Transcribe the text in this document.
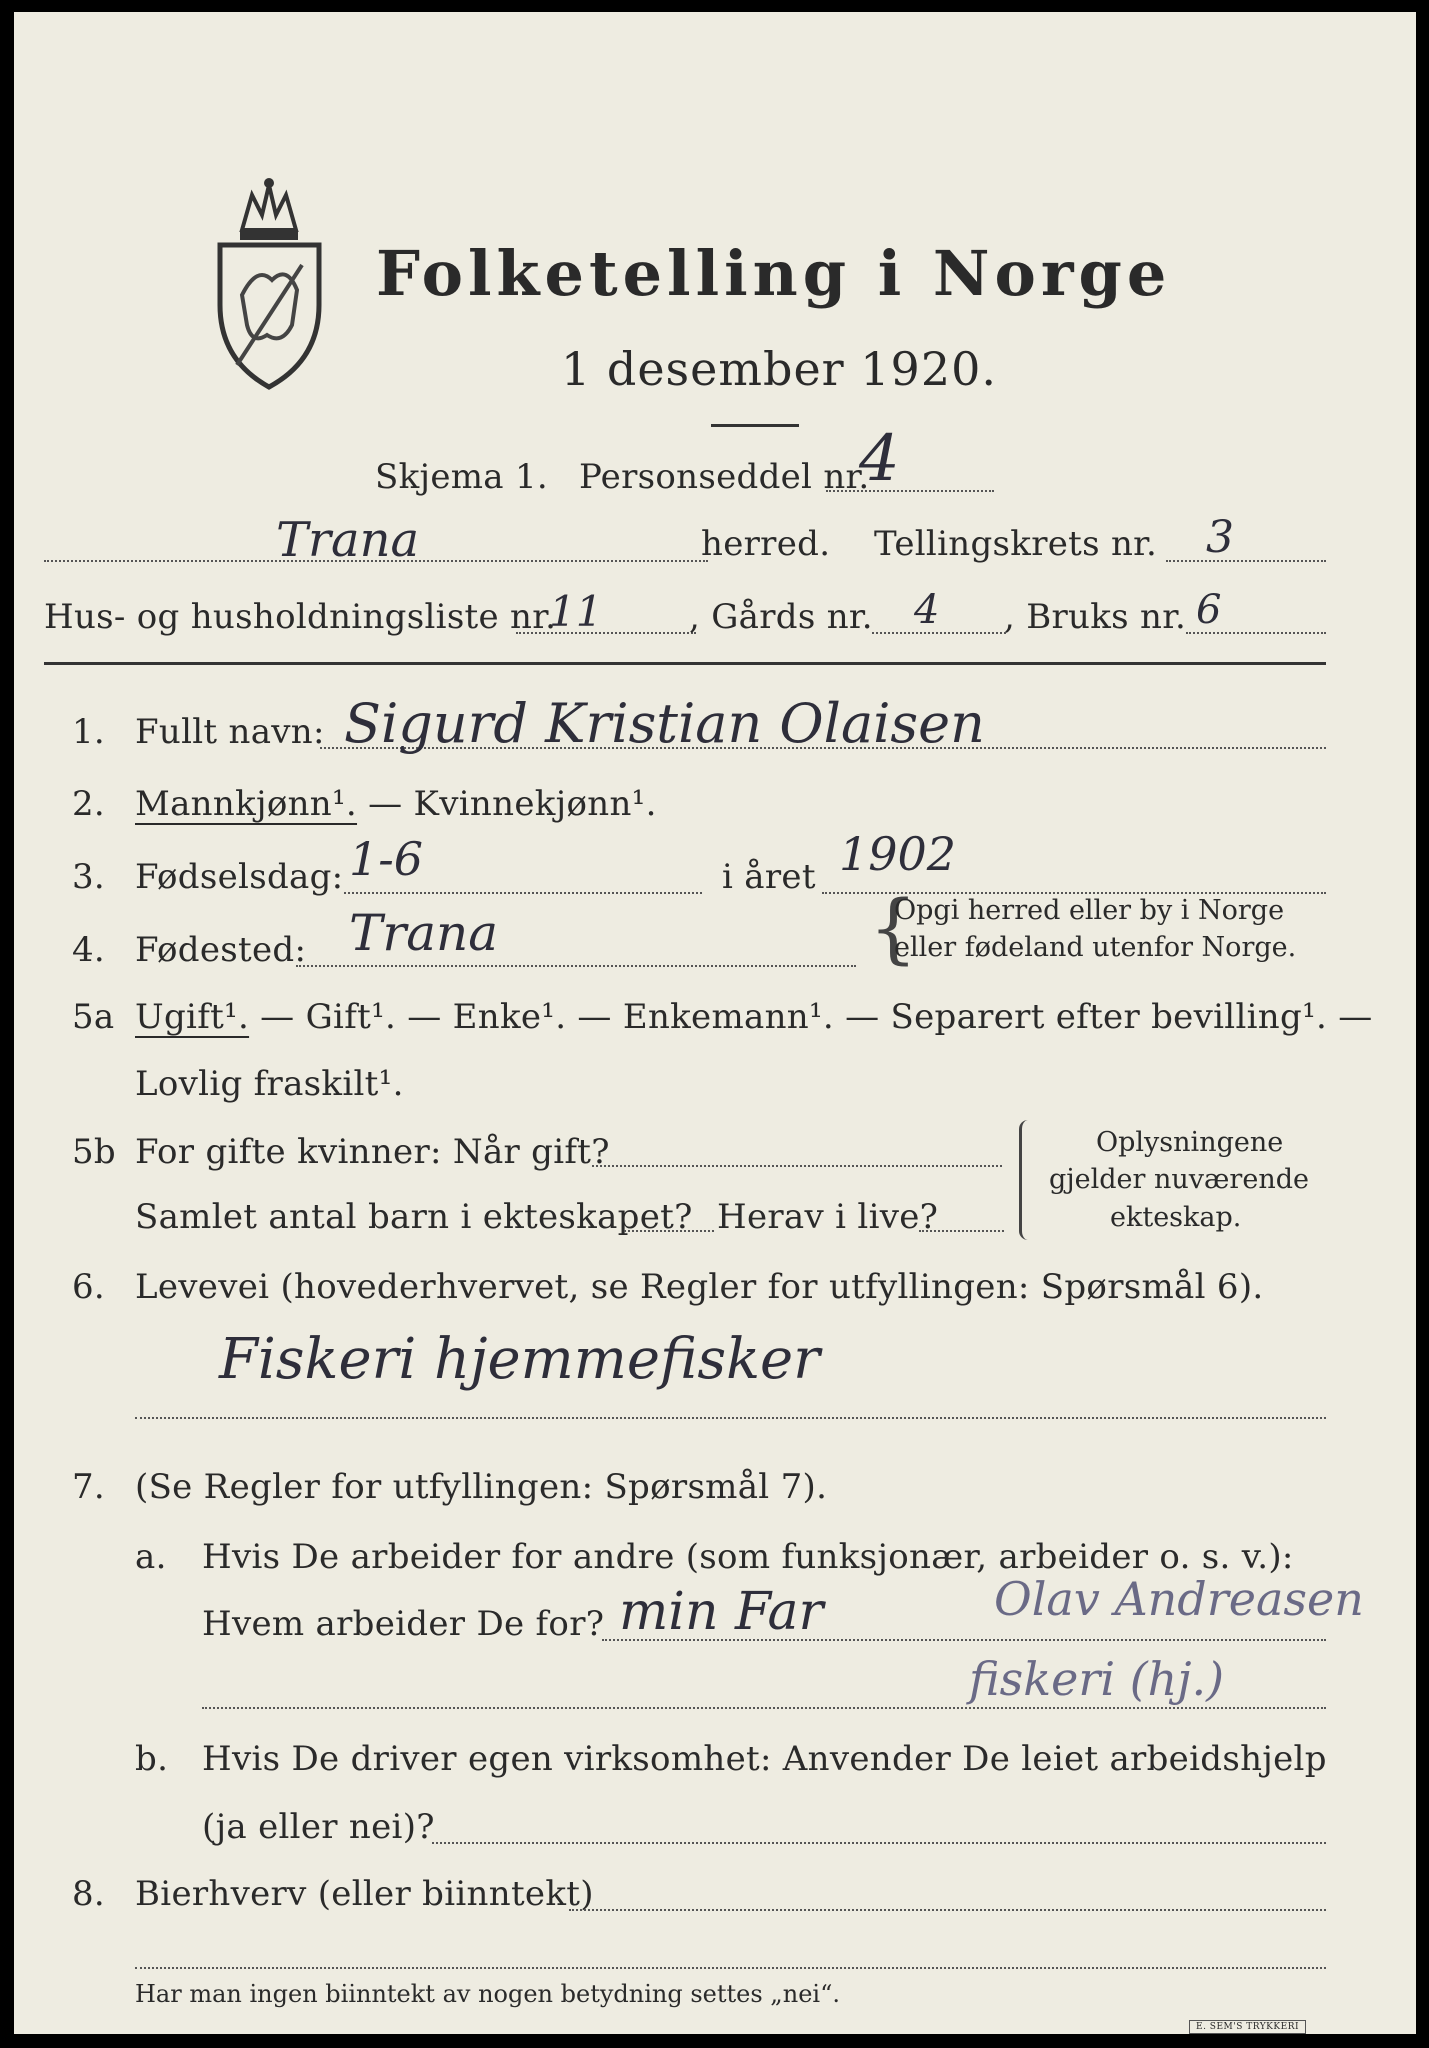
Folketelling i Norge
1 desember 1920.
Skjema 1. Personseddel nr.
4
Trana	herred. Tellingskrets nr. 3
Hus- og husholdningsliste nr.
11	, Gårds nr. 4 , Bruks nr. 6
1. Fullt navn: Sigurd Kristian Olaisen
2. Mannkjønn¹. — Kvinnekjønn¹.
3. Fødselsdag: 1-6	i året 1902
4. Fødested: Trana	{
Opgi herred eller by i Norge
eller fødeland utenfor Norge.
5a Ugift¹. — Gift¹. — Enke¹. — Enkemann¹. — Separert efter bevilling¹. —
Lovlig fraskilt¹.
5b For gifte kvinner: Når gift?
Samlet antal barn i ekteskapet? Herav i live?
Oplysningene
gjelder nuværende
ekteskap.
6. Levevei (hovederhvervet, se Regler for utfyllingen: Spørsmål 6).
Fiskeri hjemmefisker
7. (Se Regler for utfyllingen: Spørsmål 7).
a. Hvis De arbeider for andre (som funksjonær, arbeider o. s. v.):
Hvem arbeider De for? min Far	Olav Andreasen
fiskeri (hj.)
b. Hvis De driver egen virksomhet: Anvender De leiet arbeidshjelp
(ja eller nei)?
8. Bierhverv (eller biinntekt)
Har man ingen biinntekt av nogen betydning settes „nei“.
E. SEM'S TRYKKERI
